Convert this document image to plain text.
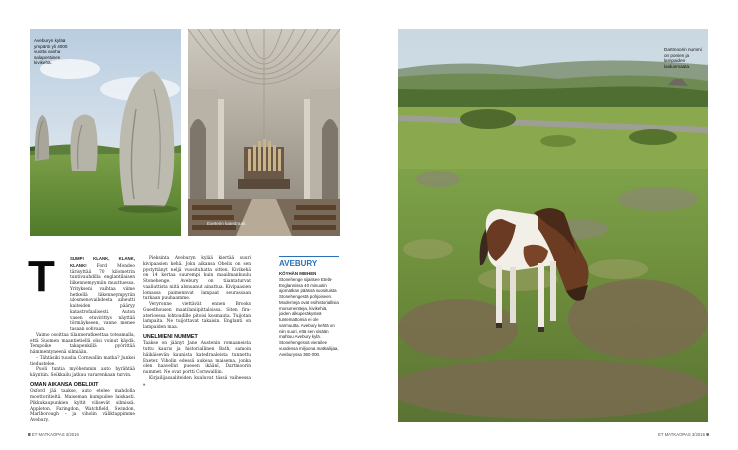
Aveburyn kylää ympäröi yli 4000 vuotta vanha salaperäinen kivikehä.
Exeterin katedraali.
T	SUMP! KLANK, KLANK, KLANK! Ford Mondeo tärisyttää 70 kilometrin tuntivauhdilla englantilaisen liikennemyymiin muuttuessa. Yritykseni vaihtaa viime hetkellä liikenneympyrän ulosmenovaihdesta aiheutti kaiteiden pääryy katastrofaalisesti. Auton vasen etuvirittys näyttää törmäykseen, vanne menee tasaan sohvaan.

Vaimo osoittaa tilanneratkeettaa toteamalla, että Suomen maantietiellä olisi voinut käydä. Tempoike takapenkillä pyörittää hämmentyneenä silmiään.

– Tähtäsiki tuuslia Cornwallin matka? Junkei tiedustelee.

Puoli tuntia myöhemmin auto hyrähtää käyntiin. Seikkailu jatkuu vararenkaan turvin.

OMAN AIKANSA OBELIXIT

Oxford jää taakse, auto etelee mahdolla moottoritieltä. Maiseman kumpuilee laiskasti. Pikkukaupunkien kyltit vilisevät silmissä. Appleton, Faringdon, Watchfield, Swindon, Marlborough – ja viholin väliktappimme Avebury.

Pieksinta Aveburyn kylää kiertää suuri kivipaasien kehä. Joku aikansa Obelix on sen pystyttänyt neljä vuosituhatta sitten. Kivikehä on 14 kertaa suurempi kuin maailmankuulu Stonehenge. Avebury on tiiantaturvat vaaliuttista niitä alsnuanut ainattua. Kivipaasien lomassa paimennvat lampaat seurassaan turkaan puuhaamme.

Veryronne viettävät ennen Brooks Guesthousen maatilaniipittaloissa. Siten fira-aterioessa lohtoudille pitoisi kosmauta. Tuijotan lampaita. Ne tuijottavat takaisin. Englanti on lampaiden maa.

UNELMIENI NUMMET

Taakse on jäänyt Jane Austenin romaaneista tuttu kauris ja historiallinen Bath, samoin häikäisevän kaunista katedraaleista tunnettu Exeter. Viholin edessä aukeaa maisema, jonka olen haavellut pueoen ikäänī, Dartmoorin nummet. Ne ovat portti Cornwalliin.

Kirjailijasaaliteiden kuuluvat tässä vaiheessa »

AVEBURY
KÖYHÄN MIEHEN Stonehenge sijaitsee Etelä-Englannissa 40 minuutin ajomatkan päässä suosituista Stonehengestä pohjoiseen. Moderneja ovat esihistoriallisia monumentteja, kivikehiä, joiden alkuperäkysteä tuntemattomia ei ole varmuutta. Avebury kehtä on niin suuri, että sen sisään mahtuu Avebury kylä. Stonehengessä vierailee vuodessa miljoona matkailijaa, Aveburyssa 350 000.
Dartmoorin nummi on ponien ja lampaiden laidunmaata.
8 ET MATKAOPAS 3/2016	ET MATKAOPAS 3/2016 9
